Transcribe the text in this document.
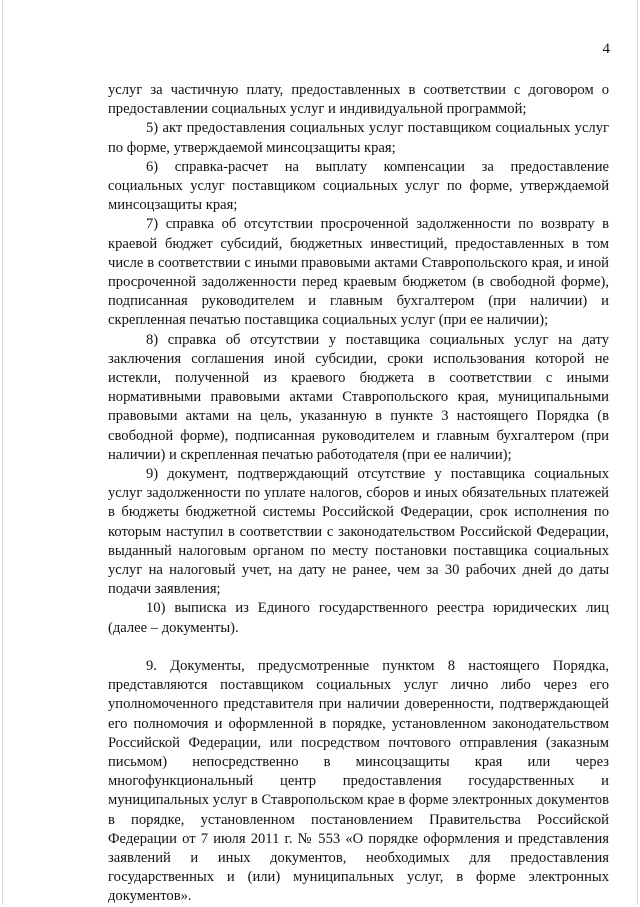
4

услуг за частичную плату, предоставленных в соответствии с договором о предоставлении социальных услуг и индивидуальной программой;

5) акт предоставления социальных услуг поставщиком социальных услуг по форме, утверждаемой минсоцзащиты края;

6) справка-расчет на выплату компенсации за предоставление социальных услуг поставщиком социальных услуг по форме, утверждаемой минсоцзащиты края;

7) справка об отсутствии просроченной задолженности по возврату в краевой бюджет субсидий, бюджетных инвестиций, предоставленных в том числе в соответствии с иными правовыми актами Ставропольского края, и иной просроченной задолженности перед краевым бюджетом (в свободной форме), подписанная руководителем и главным бухгалтером (при наличии) и скрепленная печатью поставщика социальных услуг (при ее наличии);

8) справка об отсутствии у поставщика социальных услуг на дату заключения соглашения иной субсидии, сроки использования которой не истекли, полученной из краевого бюджета в соответствии с иными нормативными правовыми актами Ставропольского края, муниципальными правовыми актами на цель, указанную в пункте 3 настоящего Порядка (в свободной форме), подписанная руководителем и главным бухгалтером (при наличии) и скрепленная печатью работодателя (при ее наличии);

9) документ, подтверждающий отсутствие у поставщика социальных услуг задолженности по уплате налогов, сборов и иных обязательных платежей в бюджеты бюджетной системы Российской Федерации, срок исполнения по которым наступил в соответствии с законодательством Российской Федерации, выданный налоговым органом по месту постановки поставщика социальных услуг на налоговый учет, на дату не ранее, чем за 30 рабочих дней до даты подачи заявления;

10) выписка из Единого государственного реестра юридических лиц (далее – документы).

9. Документы, предусмотренные пунктом 8 настоящего Порядка, представляются поставщиком социальных услуг лично либо через его уполномоченного представителя при наличии доверенности, подтверждающей его полномочия и оформленной в порядке, установленном законодательством Российской Федерации, или посредством почтового отправления (заказным письмом) непосредственно в минсоцзащиты края или через многофункциональный центр предоставления государственных и муниципальных услуг в Ставропольском крае в форме электронных документов в порядке, установленном постановлением Правительства Российской Федерации от 7 июля 2011 г. № 553 «О порядке оформления и представления заявлений и иных документов, необходимых для предоставления государственных и (или) муниципальных услуг, в форме электронных документов».
